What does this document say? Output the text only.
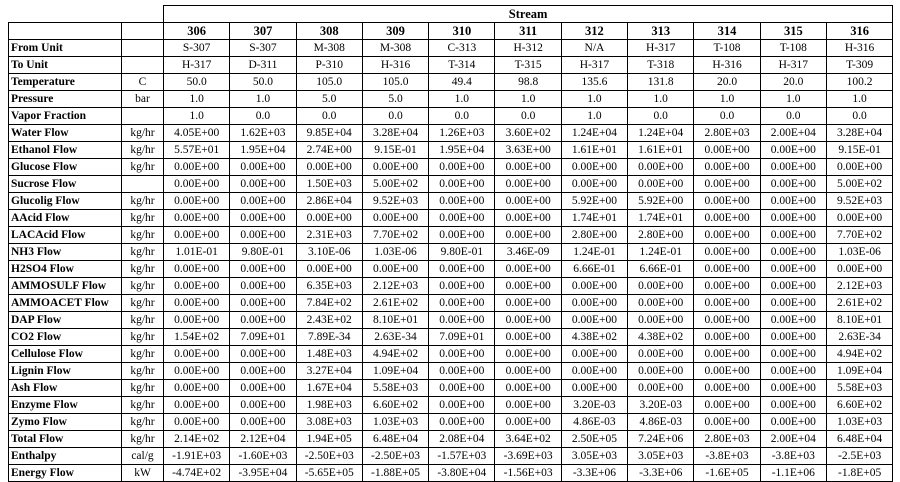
		Stream										
		306	307	308	309	310	311	312	313	314	315	316
From Unit		S-307	S-307	M-308	M-308	C-313	H-312	N/A	H-317	T-108	T-108	H-316
To Unit		H-317	D-311	P-310	H-316	T-314	T-315	H-317	T-318	H-316	H-317	T-309
Temperature	C	50.0	50.0	105.0	105.0	49.4	98.8	135.6	131.8	20.0	20.0	100.2
Pressure	bar	1.0	1.0	5.0	5.0	1.0	1.0	1.0	1.0	1.0	1.0	1.0
Vapor Fraction		1.0	0.0	0.0	0.0	0.0	0.0	1.0	0.0	0.0	0.0	0.0
Water Flow	kg/hr	4.05E+00	1.62E+03	9.85E+04	3.28E+04	1.26E+03	3.60E+02	1.24E+04	1.24E+04	2.80E+03	2.00E+04	3.28E+04
Ethanol Flow	kg/hr	5.57E+01	1.95E+04	2.74E+00	9.15E-01	1.95E+04	3.63E+00	1.61E+01	1.61E+01	0.00E+00	0.00E+00	9.15E-01
Glucose Flow	kg/hr	0.00E+00	0.00E+00	0.00E+00	0.00E+00	0.00E+00	0.00E+00	0.00E+00	0.00E+00	0.00E+00	0.00E+00	0.00E+00
Sucrose Flow		0.00E+00	0.00E+00	1.50E+03	5.00E+02	0.00E+00	0.00E+00	0.00E+00	0.00E+00	0.00E+00	0.00E+00	5.00E+02
Glucolig Flow	kg/hr	0.00E+00	0.00E+00	2.86E+04	9.52E+03	0.00E+00	0.00E+00	5.92E+00	5.92E+00	0.00E+00	0.00E+00	9.52E+03
AAcid Flow	kg/hr	0.00E+00	0.00E+00	0.00E+00	0.00E+00	0.00E+00	0.00E+00	1.74E+01	1.74E+01	0.00E+00	0.00E+00	0.00E+00
LACAcid Flow	kg/hr	0.00E+00	0.00E+00	2.31E+03	7.70E+02	0.00E+00	0.00E+00	2.80E+00	2.80E+00	0.00E+00	0.00E+00	7.70E+02
NH3 Flow	kg/hr	1.01E-01	9.80E-01	3.10E-06	1.03E-06	9.80E-01	3.46E-09	1.24E-01	1.24E-01	0.00E+00	0.00E+00	1.03E-06
H2SO4 Flow	kg/hr	0.00E+00	0.00E+00	0.00E+00	0.00E+00	0.00E+00	0.00E+00	6.66E-01	6.66E-01	0.00E+00	0.00E+00	0.00E+00
AMMOSULF Flow	kg/hr	0.00E+00	0.00E+00	6.35E+03	2.12E+03	0.00E+00	0.00E+00	0.00E+00	0.00E+00	0.00E+00	0.00E+00	2.12E+03
AMMOACET Flow	kg/hr	0.00E+00	0.00E+00	7.84E+02	2.61E+02	0.00E+00	0.00E+00	0.00E+00	0.00E+00	0.00E+00	0.00E+00	2.61E+02
DAP Flow	kg/hr	0.00E+00	0.00E+00	2.43E+02	8.10E+01	0.00E+00	0.00E+00	0.00E+00	0.00E+00	0.00E+00	0.00E+00	8.10E+01
CO2 Flow	kg/hr	1.54E+02	7.09E+01	7.89E-34	2.63E-34	7.09E+01	0.00E+00	4.38E+02	4.38E+02	0.00E+00	0.00E+00	2.63E-34
Cellulose Flow	kg/hr	0.00E+00	0.00E+00	1.48E+03	4.94E+02	0.00E+00	0.00E+00	0.00E+00	0.00E+00	0.00E+00	0.00E+00	4.94E+02
Lignin Flow	kg/hr	0.00E+00	0.00E+00	3.27E+04	1.09E+04	0.00E+00	0.00E+00	0.00E+00	0.00E+00	0.00E+00	0.00E+00	1.09E+04
Ash Flow	kg/hr	0.00E+00	0.00E+00	1.67E+04	5.58E+03	0.00E+00	0.00E+00	0.00E+00	0.00E+00	0.00E+00	0.00E+00	5.58E+03
Enzyme Flow	kg/hr	0.00E+00	0.00E+00	1.98E+03	6.60E+02	0.00E+00	0.00E+00	3.20E-03	3.20E-03	0.00E+00	0.00E+00	6.60E+02
Zymo Flow	kg/hr	0.00E+00	0.00E+00	3.08E+03	1.03E+03	0.00E+00	0.00E+00	4.86E-03	4.86E-03	0.00E+00	0.00E+00	1.03E+03
Total Flow	kg/hr	2.14E+02	2.12E+04	1.94E+05	6.48E+04	2.08E+04	3.64E+02	2.50E+05	7.24E+06	2.80E+03	2.00E+04	6.48E+04
Enthalpy	cal/g	-1.91E+03	-1.60E+03	-2.50E+03	-2.50E+03	-1.57E+03	-3.69E+03	3.05E+03	3.05E+03	-3.8E+03	-3.8E+03	-2.5E+03
Energy Flow	kW	-4.74E+02	-3.95E+04	-5.65E+05	-1.88E+05	-3.80E+04	-1.56E+03	-3.3E+06	-3.3E+06	-1.6E+05	-1.1E+06	-1.8E+05
